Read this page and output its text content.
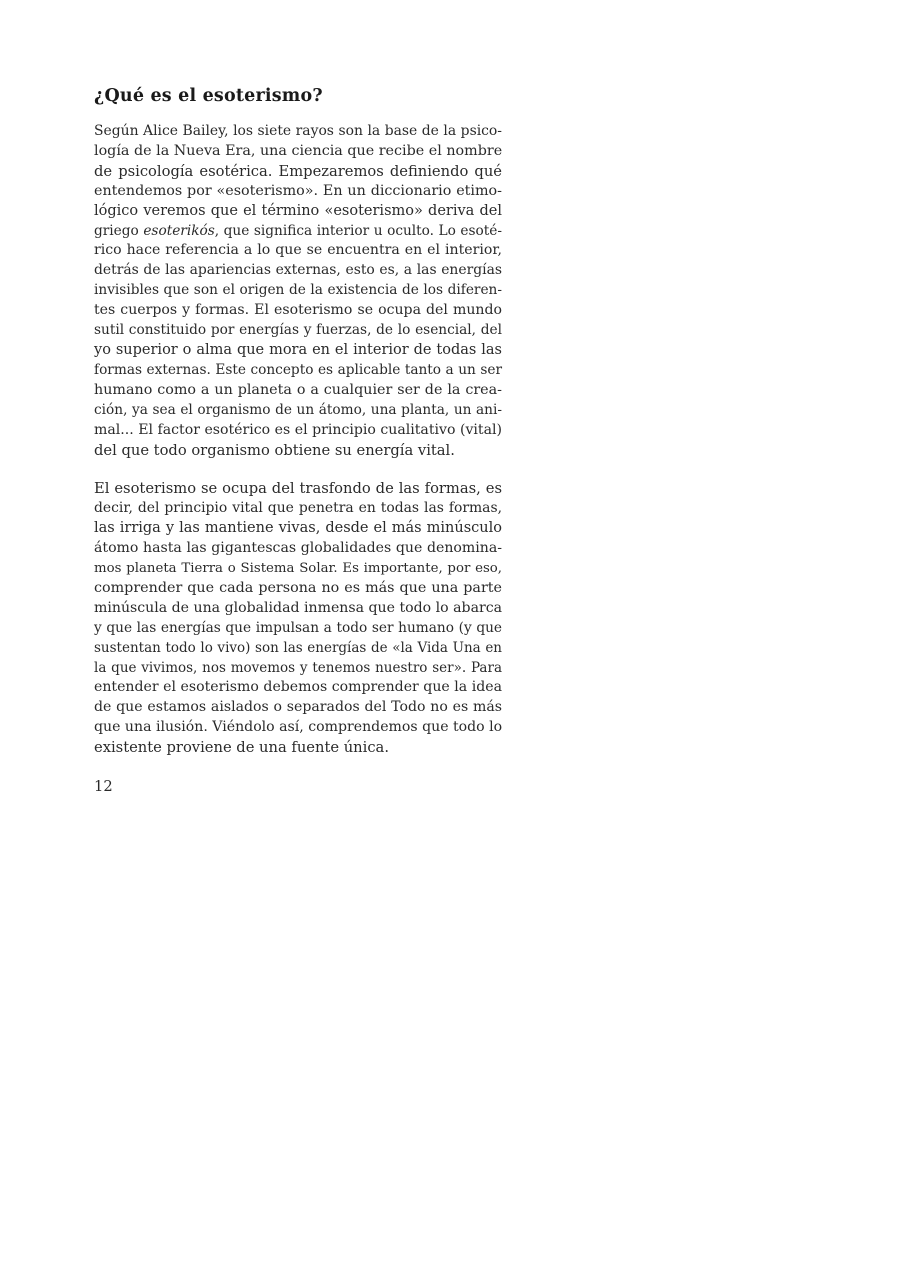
¿Qué es el esoterismo?

Según Alice Bailey, los siete rayos son la base de la psico-
logía de la Nueva Era, una ciencia que recibe el nombre
de psicología esotérica. Empezaremos definiendo qué
entendemos por «esoterismo». En un diccionario etimo-
lógico veremos que el término «esoterismo» deriva del
griego esoterikós, que significa interior u oculto. Lo esoté-
rico hace referencia a lo que se encuentra en el interior,
detrás de las apariencias externas, esto es, a las energías
invisibles que son el origen de la existencia de los diferen-
tes cuerpos y formas. El esoterismo se ocupa del mundo
sutil constituido por energías y fuerzas, de lo esencial, del
yo superior o alma que mora en el interior de todas las
formas externas. Este concepto es aplicable tanto a un ser
humano como a un planeta o a cualquier ser de la crea-
ción, ya sea el organismo de un átomo, una planta, un ani-
mal... El factor esotérico es el principio cualitativo (vital)
del que todo organismo obtiene su energía vital.

El esoterismo se ocupa del trasfondo de las formas, es
decir, del principio vital que penetra en todas las formas,
las irriga y las mantiene vivas, desde el más minúsculo
átomo hasta las gigantescas globalidades que denomina-
mos planeta Tierra o Sistema Solar. Es importante, por eso,
comprender que cada persona no es más que una parte
minúscula de una globalidad inmensa que todo lo abarca
y que las energías que impulsan a todo ser humano (y que
sustentan todo lo vivo) son las energías de «la Vida Una en
la que vivimos, nos movemos y tenemos nuestro ser». Para
entender el esoterismo debemos comprender que la idea
de que estamos aislados o separados del Todo no es más
que una ilusión. Viéndolo así, comprendemos que todo lo
existente proviene de una fuente única.

12
